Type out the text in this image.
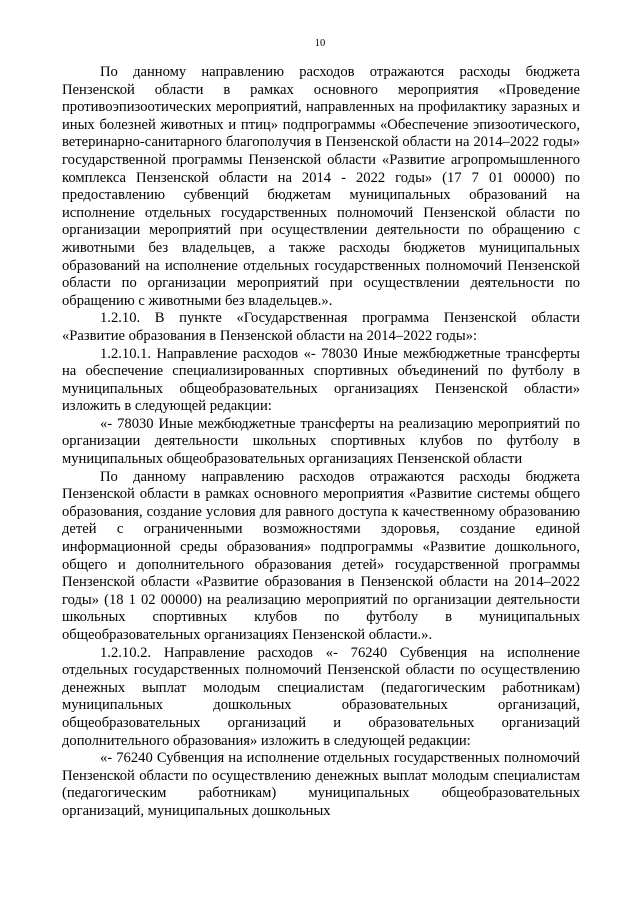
10

По данному направлению расходов отражаются расходы бюджета Пензенской области в рамках основного мероприятия «Проведение противоэпизоотических мероприятий, направленных на профилактику заразных и иных болезней животных и птиц» подпрограммы «Обеспечение эпизоотического, ветеринарно-санитарного благополучия в Пензенской области на 2014–2022 годы» государственной программы Пензенской области «Развитие агропромышленного комплекса Пензенской области на 2014 - 2022 годы» (17 7 01 00000) по предоставлению субвенций бюджетам муниципальных образований на исполнение отдельных государственных полномочий Пензенской области по организации мероприятий при осуществлении деятельности по обращению с животными без владельцев, а также расходы бюджетов муниципальных образований на исполнение отдельных государственных полномочий Пензенской области по организации мероприятий при осуществлении деятельности по обращению с животными без владельцев.».

1.2.10. В пункте «Государственная программа Пензенской области «Развитие образования в Пензенской области на 2014–2022 годы»:

1.2.10.1. Направление расходов «- 78030 Иные межбюджетные трансферты на обеспечение специализированных спортивных объединений по футболу в муниципальных общеобразовательных организациях Пензенской области» изложить в следующей редакции:

«- 78030 Иные межбюджетные трансферты на реализацию мероприятий по организации деятельности школьных спортивных клубов по футболу в муниципальных общеобразовательных организациях Пензенской области

По данному направлению расходов отражаются расходы бюджета Пензенской области в рамках основного мероприятия «Развитие системы общего образования, создание условия для равного доступа к качественному образованию детей с ограниченными возможностями здоровья, создание единой информационной среды образования» подпрограммы «Развитие дошкольного, общего и дополнительного образования детей» государственной программы Пензенской области «Развитие образования в Пензенской области на 2014–2022 годы» (18 1 02 00000) на реализацию мероприятий по организации деятельности школьных спортивных клубов по футболу в муниципальных общеобразовательных организациях Пензенской области.».

1.2.10.2. Направление расходов «- 76240 Субвенция на исполнение отдельных государственных полномочий Пензенской области по осуществлению денежных выплат молодым специалистам (педагогическим работникам) муниципальных дошкольных образовательных организаций, общеобразовательных организаций и образовательных организаций дополнительного образования» изложить в следующей редакции:

«- 76240 Субвенция на исполнение отдельных государственных полномочий Пензенской области по осуществлению денежных выплат молодым специалистам (педагогическим работникам) муниципальных общеобразовательных организаций, муниципальных дошкольных
